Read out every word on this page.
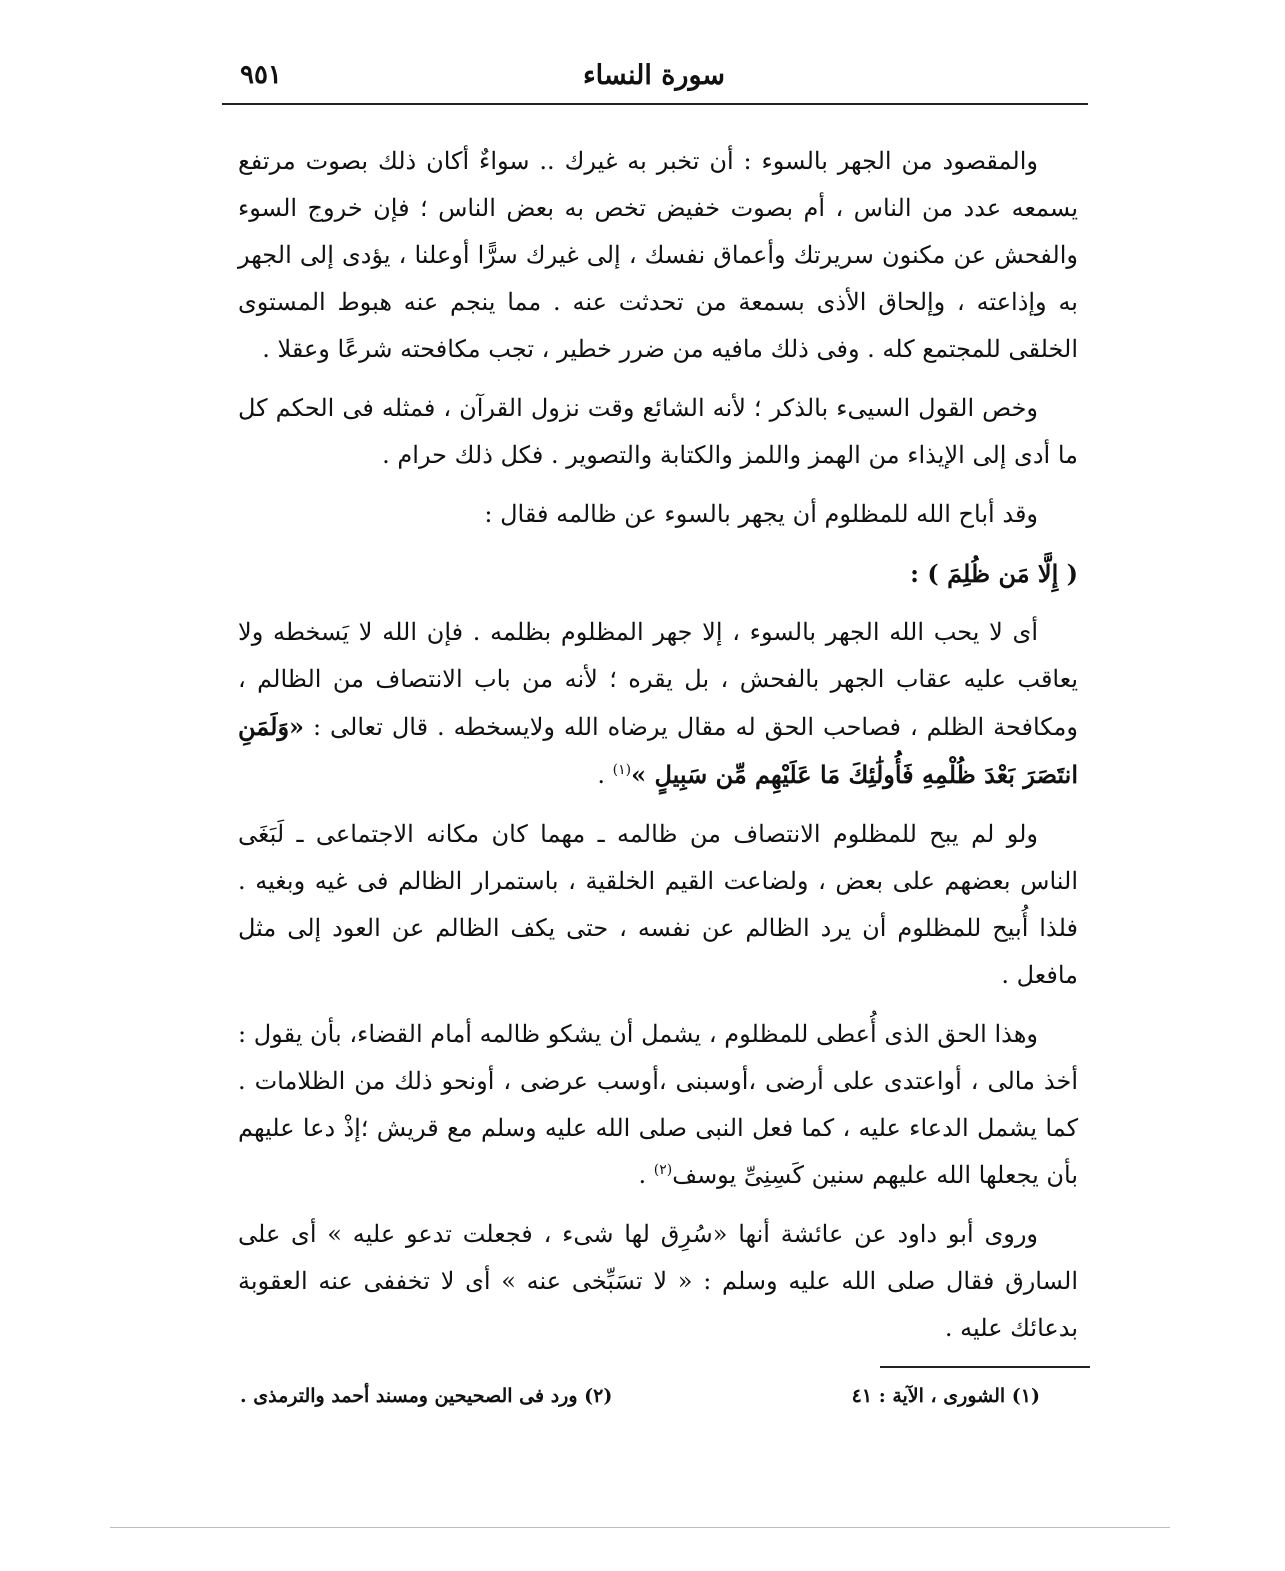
سورة النساء
٩٥١

والمقصود من الجهر بالسوء : أن تخبر به غيرك .. سواءٌ أكان ذلك بصوت مرتفع يسمعه عدد من الناس ، أم بصوت خفيض تخص به بعض الناس ؛ فإن خروج السوء والفحش عن مكنون سريرتك وأعماق نفسك ، إلى غيرك سرًّا أوعلنا ، يؤدى إلى الجهر به وإذاعته ، وإلحاق الأذى بسمعة من تحدثت عنه . مما ينجم عنه هبوط المستوى الخلقى للمجتمع كله . وفى ذلك مافيه من ضرر خطير ، تجب مكافحته شرعًا وعقلا .

وخص القول السيىء بالذكر ؛ لأنه الشائع وقت نزول القرآن ، فمثله فى الحكم كل ما أدى إلى الإيذاء من الهمز واللمز والكتابة والتصوير . فكل ذلك حرام .

وقد أباح الله للمظلوم أن يجهر بالسوء عن ظالمه فقال :

( إِلَّا مَن ظُلِمَ ) :

أى لا يحب الله الجهر بالسوء ، إلا جهر المظلوم بظلمه . فإن الله لا يَسخطه ولا يعاقب عليه عقاب الجهر بالفحش ، بل يقره ؛ لأنه من باب الانتصاف من الظالم ، ومكافحة الظلم ، فصاحب الحق له مقال يرضاه الله ولايسخطه . قال تعالى : «وَلَمَنِ انتَصَرَ بَعْدَ ظُلْمِهِ فَأُولَٰئِكَ مَا عَلَيْهِم مِّن سَبِيلٍ »$^{(١)}$ .

ولو لم يبح للمظلوم الانتصاف من ظالمه ـ مهما كان مكانه الاجتماعى ـ لَبَغَى الناس بعضهم على بعض ، ولضاعت القيم الخلقية ، باستمرار الظالم فى غيه وبغيه . فلذا أُبيح للمظلوم أن يرد الظالم عن نفسه ، حتى يكف الظالم عن العود إلى مثل مافعل .

وهذا الحق الذى أُعطى للمظلوم ، يشمل أن يشكو ظالمه أمام القضاء، بأن يقول : أخذ مالى ، أواعتدى على أرضى ،أوسبنى ،أوسب عرضى ، أونحو ذلك من الظلامات . كما يشمل الدعاء عليه ، كما فعل النبى صلى الله عليه وسلم مع قريش ؛إذْ دعا عليهم بأن يجعلها الله عليهم سنين كَسِنِىِّ يوسف$^{(٢)}$ .

وروى أبو داود عن عائشة أنها «سُرِق لها شىء ، فجعلت تدعو عليه » أى على السارق فقال صلى الله عليه وسلم : « لا تسَبِّخى عنه » أى لا تخففى عنه العقوبة بدعائك عليه .

(١) الشورى ، الآية : ٤١
(٢) ورد فى الصحيحين ومسند أحمد والترمذى .
